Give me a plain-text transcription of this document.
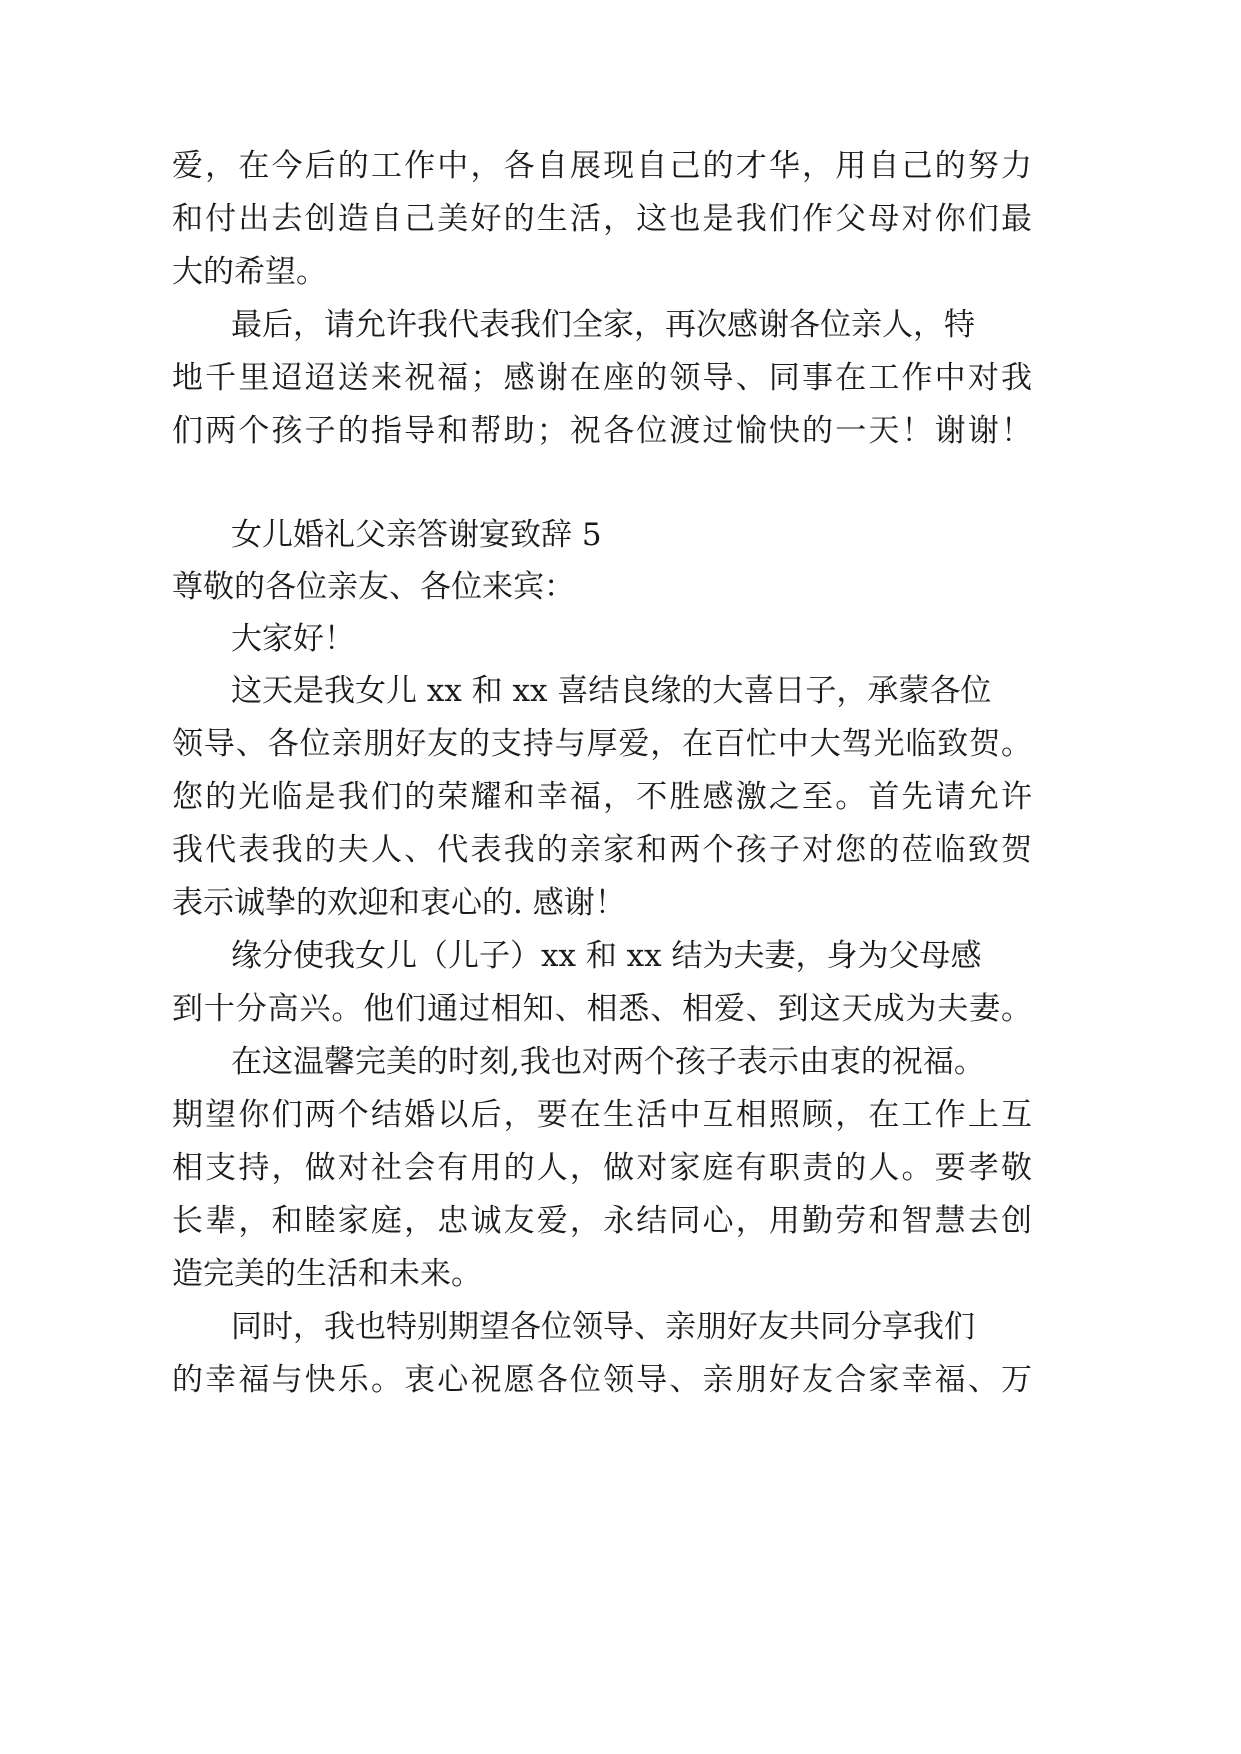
爱，在今后的工作中，各自展现自己的才华，用自己的努力
和付出去创造自己美好的生活，这也是我们作父母对你们最
大的希望。
最后，请允许我代表我们全家，再次感谢各位亲人，特
地千里迢迢送来祝福；感谢在座的领导、同事在工作中对我
们两个孩子的指导和帮助；祝各位渡过愉快的一天！谢谢！
女儿婚礼父亲答谢宴致辞 5
尊敬的各位亲友、各位来宾：
大家好！
这天是我女儿 xx 和 xx 喜结良缘的大喜日子，承蒙各位
领导、各位亲朋好友的支持与厚爱，在百忙中大驾光临致贺。
您的光临是我们的荣耀和幸福，不胜感激之至。首先请允许
我代表我的夫人、代表我的亲家和两个孩子对您的莅临致贺
表示诚挚的欢迎和衷心的. 感谢！
缘分使我女儿（儿子）xx 和 xx 结为夫妻，身为父母感
到十分高兴。他们通过相知、相悉、相爱、到这天成为夫妻。
在这温馨完美的时刻,我也对两个孩子表示由衷的祝福。
期望你们两个结婚以后，要在生活中互相照顾，在工作上互
相支持，做对社会有用的人，做对家庭有职责的人。要孝敬
长辈，和睦家庭，忠诚友爱，永结同心，用勤劳和智慧去创
造完美的生活和未来。
同时，我也特别期望各位领导、亲朋好友共同分享我们
的幸福与快乐。衷心祝愿各位领导、亲朋好友合家幸福、万
